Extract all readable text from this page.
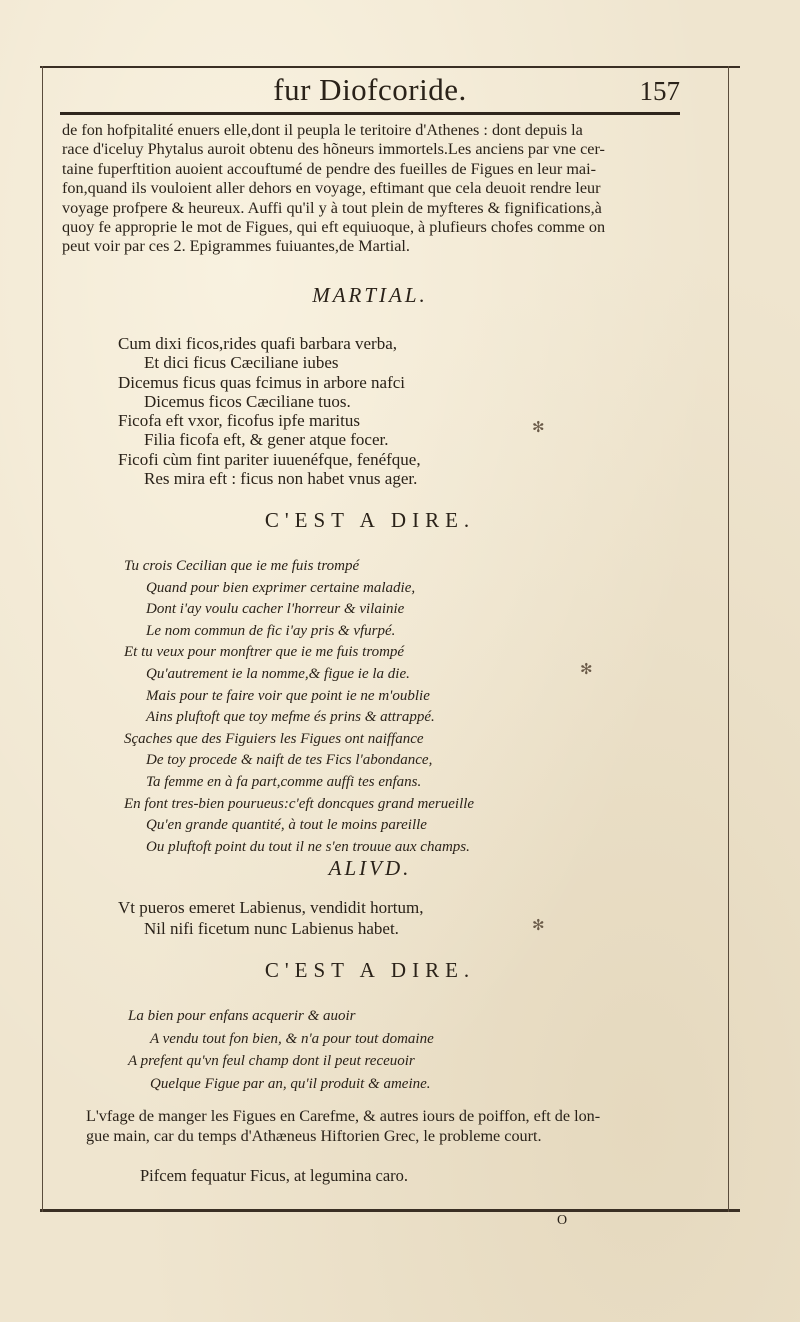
fur Diofcoride.	157
de fon hofpitalité enuers elle,dont il peupla le teritoire d'Athenes : dont depuis la
race d'iceluy Phytalus auroit obtenu des hõneurs immortels.Les anciens par vne cer-
taine fuperftition auoient accouftumé de pendre des fueilles de Figues en leur mai-
fon,quand ils vouloient aller dehors en voyage, eftimant que cela deuoit rendre leur
voyage profpere & heureux. Auffi qu'il y à tout plein de myfteres & fignifications,à
quoy fe approprie le mot de Figues, qui eft equiuoque, à plufieurs chofes comme on
peut voir par ces 2. Epigrammes fuiuantes,de Martial.
MARTIAL.
Cum dixi ficos,rides quafi barbara verba,
Et dici ficus Cæciliane iubes
Dicemus ficus quas fcimus in arbore nafci
Dicemus ficos Cæciliane tuos.
Ficofa eft vxor, ficofus ipfe maritus
Filia ficofa eft, & gener atque focer.
Ficofi cùm fint pariter iuuenéfque, fenéfque,
Res mira eft : ficus non habet vnus ager.
C'EST A DIRE.
Tu crois Cecilian que ie me fuis trompé
Quand pour bien exprimer certaine maladie,
Dont i'ay voulu cacher l'horreur & vilainie
Le nom commun de fic i'ay pris & vfurpé.
Et tu veux pour monftrer que ie me fuis trompé
Qu'autrement ie la nomme,& figue ie la die.
Mais pour te faire voir que point ie ne m'oublie
Ains pluftoft que toy mefme és prins & attrappé.
Sçaches que des Figuiers les Figues ont naiffance
De toy procede & naift de tes Fics l'abondance,
Ta femme en à fa part,comme auffi tes enfans.
En font tres-bien pourueus:c'eft doncques grand merueille
Qu'en grande quantité, à tout le moins pareille
Ou pluftoft point du tout il ne s'en trouue aux champs.
ALIVD.
Vt pueros emeret Labienus, vendidit hortum,
Nil nifi ficetum nunc Labienus habet.
C'EST A DIRE.
La bien pour enfans acquerir & auoir
A vendu tout fon bien, & n'a pour tout domaine
A prefent qu'vn feul champ dont il peut receuoir
Quelque Figue par an, qu'il produit & ameine.
L'vfage de manger les Figues en Carefme, & autres iours de poiffon, eft de lon-
gue main, car du temps d'Athæneus Hiftorien Grec, le probleme court.
Pifcem fequatur Ficus, at legumina caro.
O
✻
✻
✻
